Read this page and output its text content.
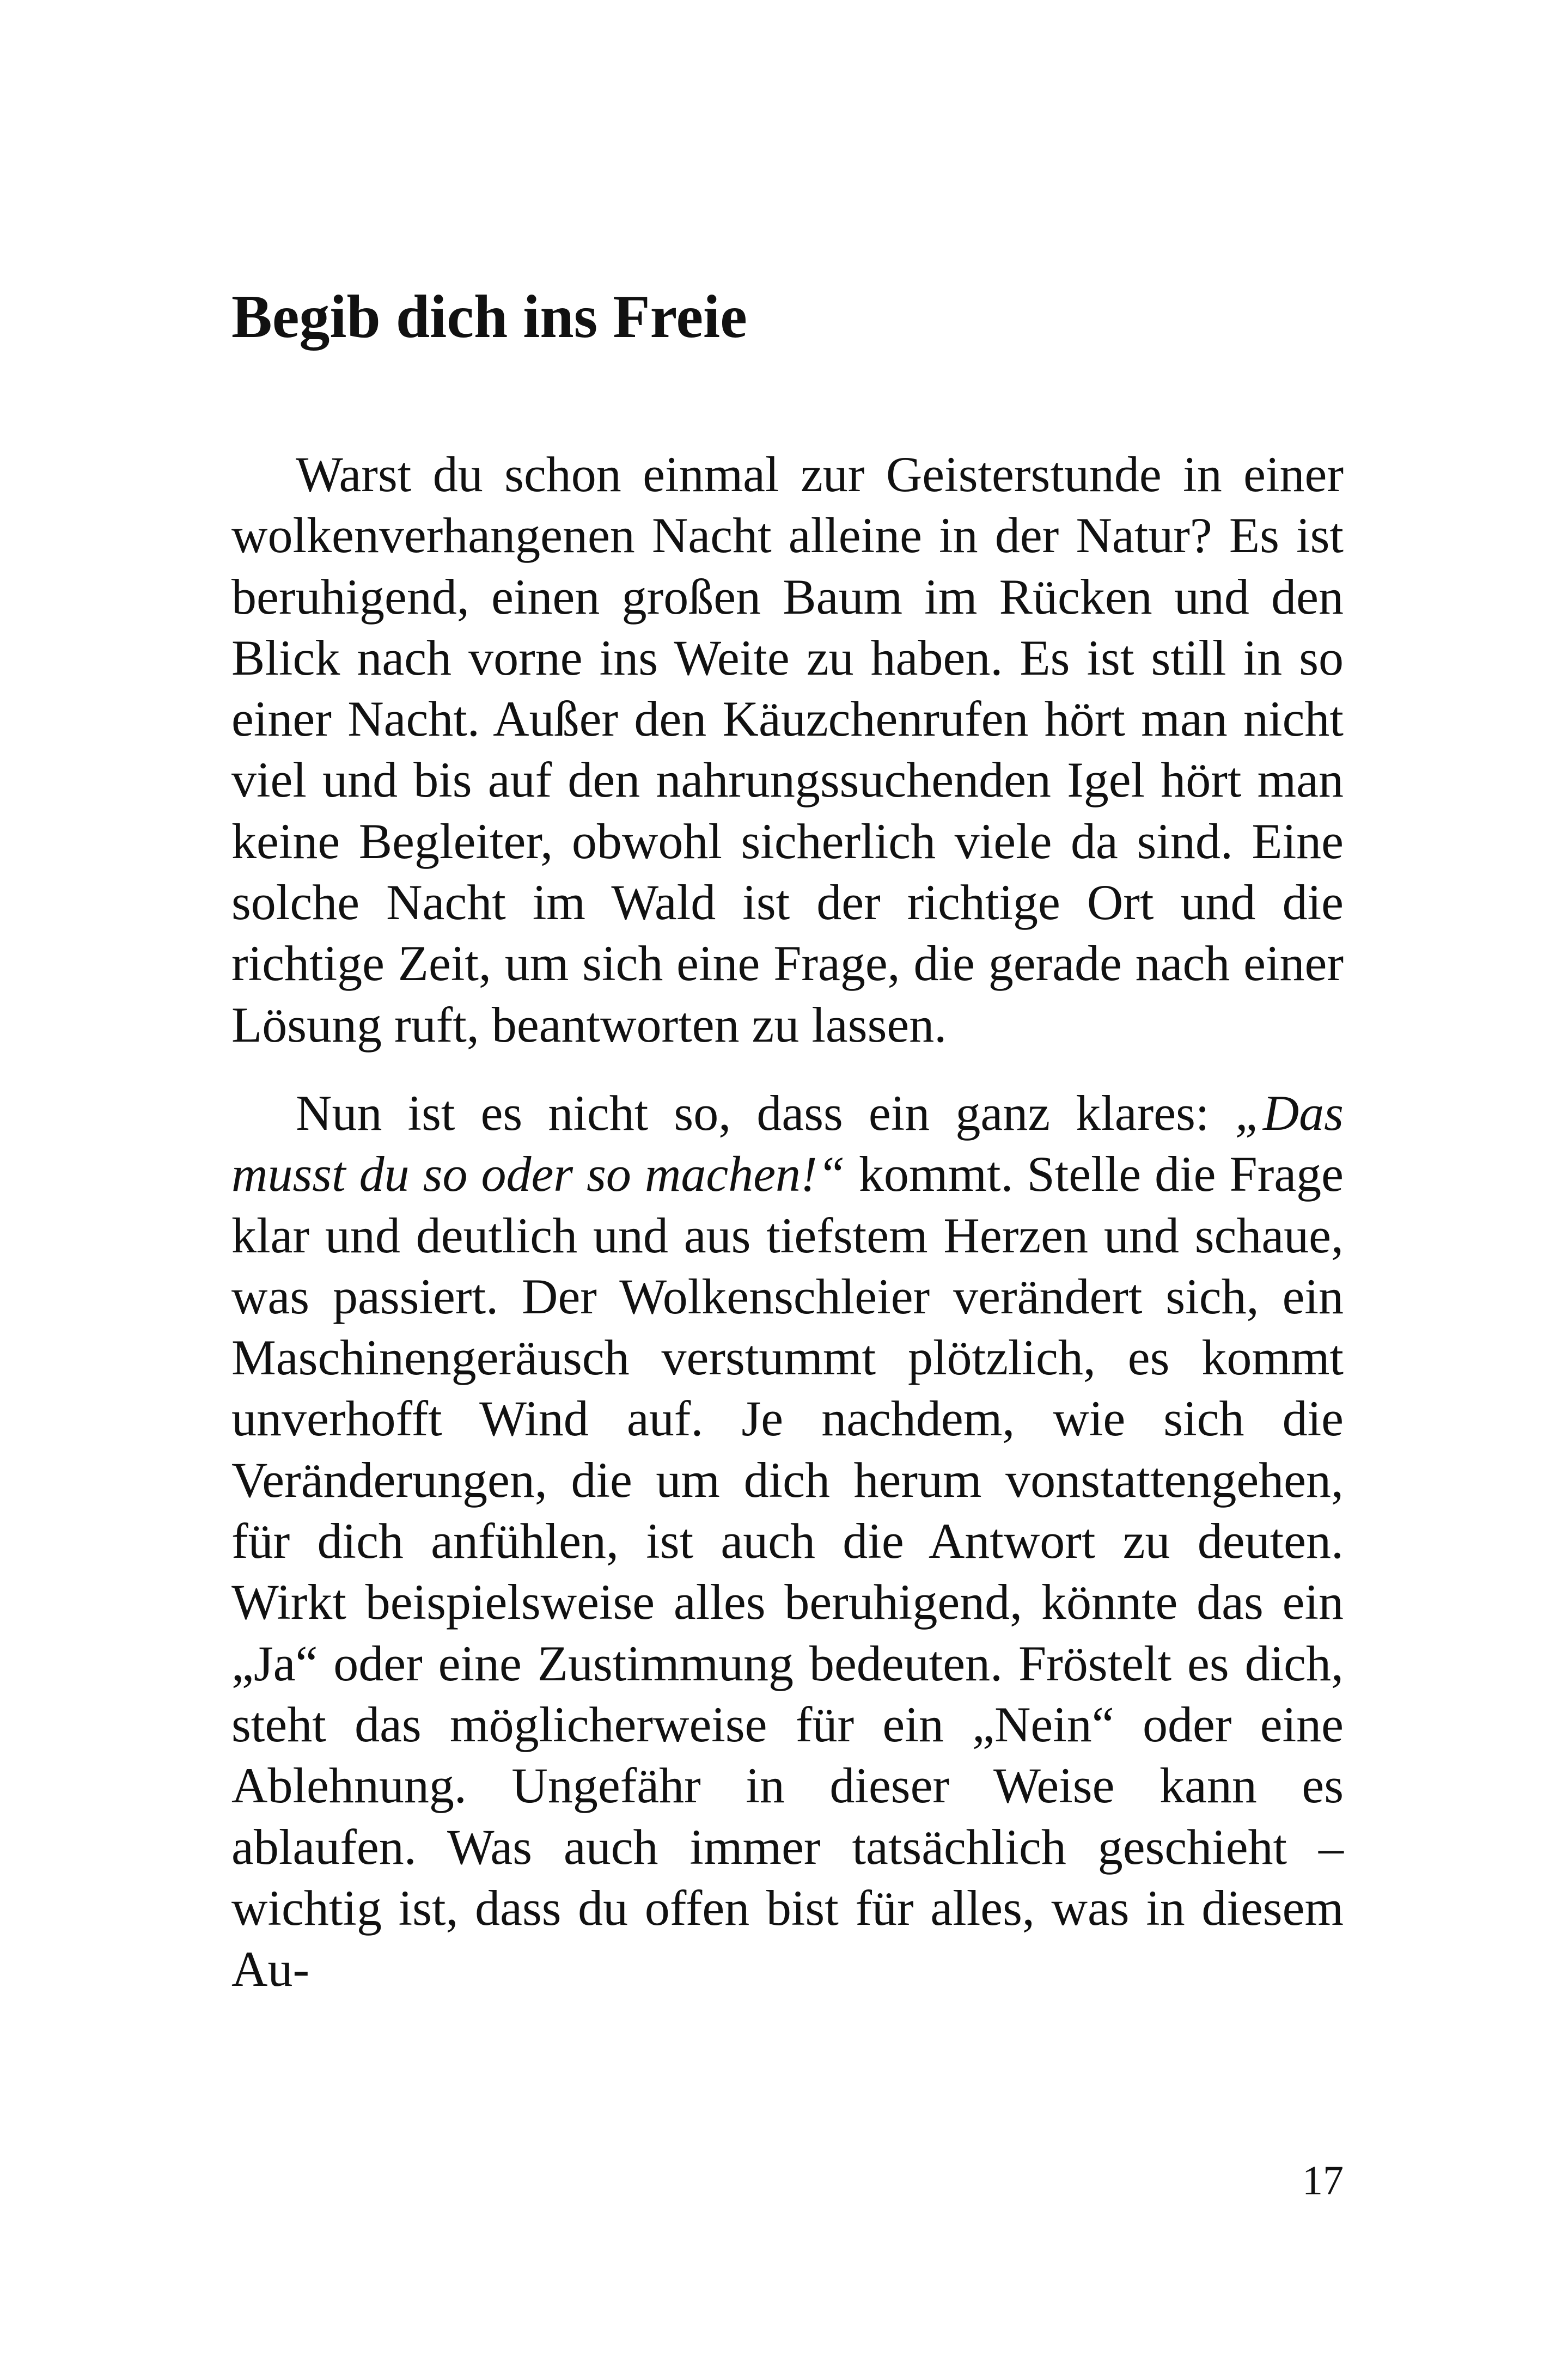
Begib dich ins Freie

Warst du schon einmal zur Geisterstunde in einer wolkenverhangenen Nacht alleine in der Natur? Es ist beruhigend, einen großen Baum im Rücken und den Blick nach vorne ins Weite zu haben. Es ist still in so einer Nacht. Außer den Käuzchenrufen hört man nicht viel und bis auf den nahrungssuchenden Igel hört man keine Begleiter, obwohl sicherlich viele da sind. Eine solche Nacht im Wald ist der richtige Ort und die richtige Zeit, um sich eine Frage, die gerade nach einer Lösung ruft, beantworten zu lassen.

Nun ist es nicht so, dass ein ganz klares: „Das musst du so oder so machen!“ kommt. Stelle die Frage klar und deutlich und aus tiefstem Herzen und schaue, was passiert. Der Wolkenschleier verändert sich, ein Maschinengeräusch verstummt plötzlich, es kommt unverhofft Wind auf. Je nachdem, wie sich die Veränderungen, die um dich herum vonstattengehen, für dich anfühlen, ist auch die Antwort zu deuten. Wirkt beispielsweise alles beruhigend, könnte das ein „Ja“ oder eine Zustimmung bedeuten. Fröstelt es dich, steht das möglicherweise für ein „Nein“ oder eine Ablehnung. Ungefähr in dieser Weise kann es ablaufen. Was auch immer tatsächlich geschieht – wichtig ist, dass du offen bist für alles, was in diesem Au-

17
